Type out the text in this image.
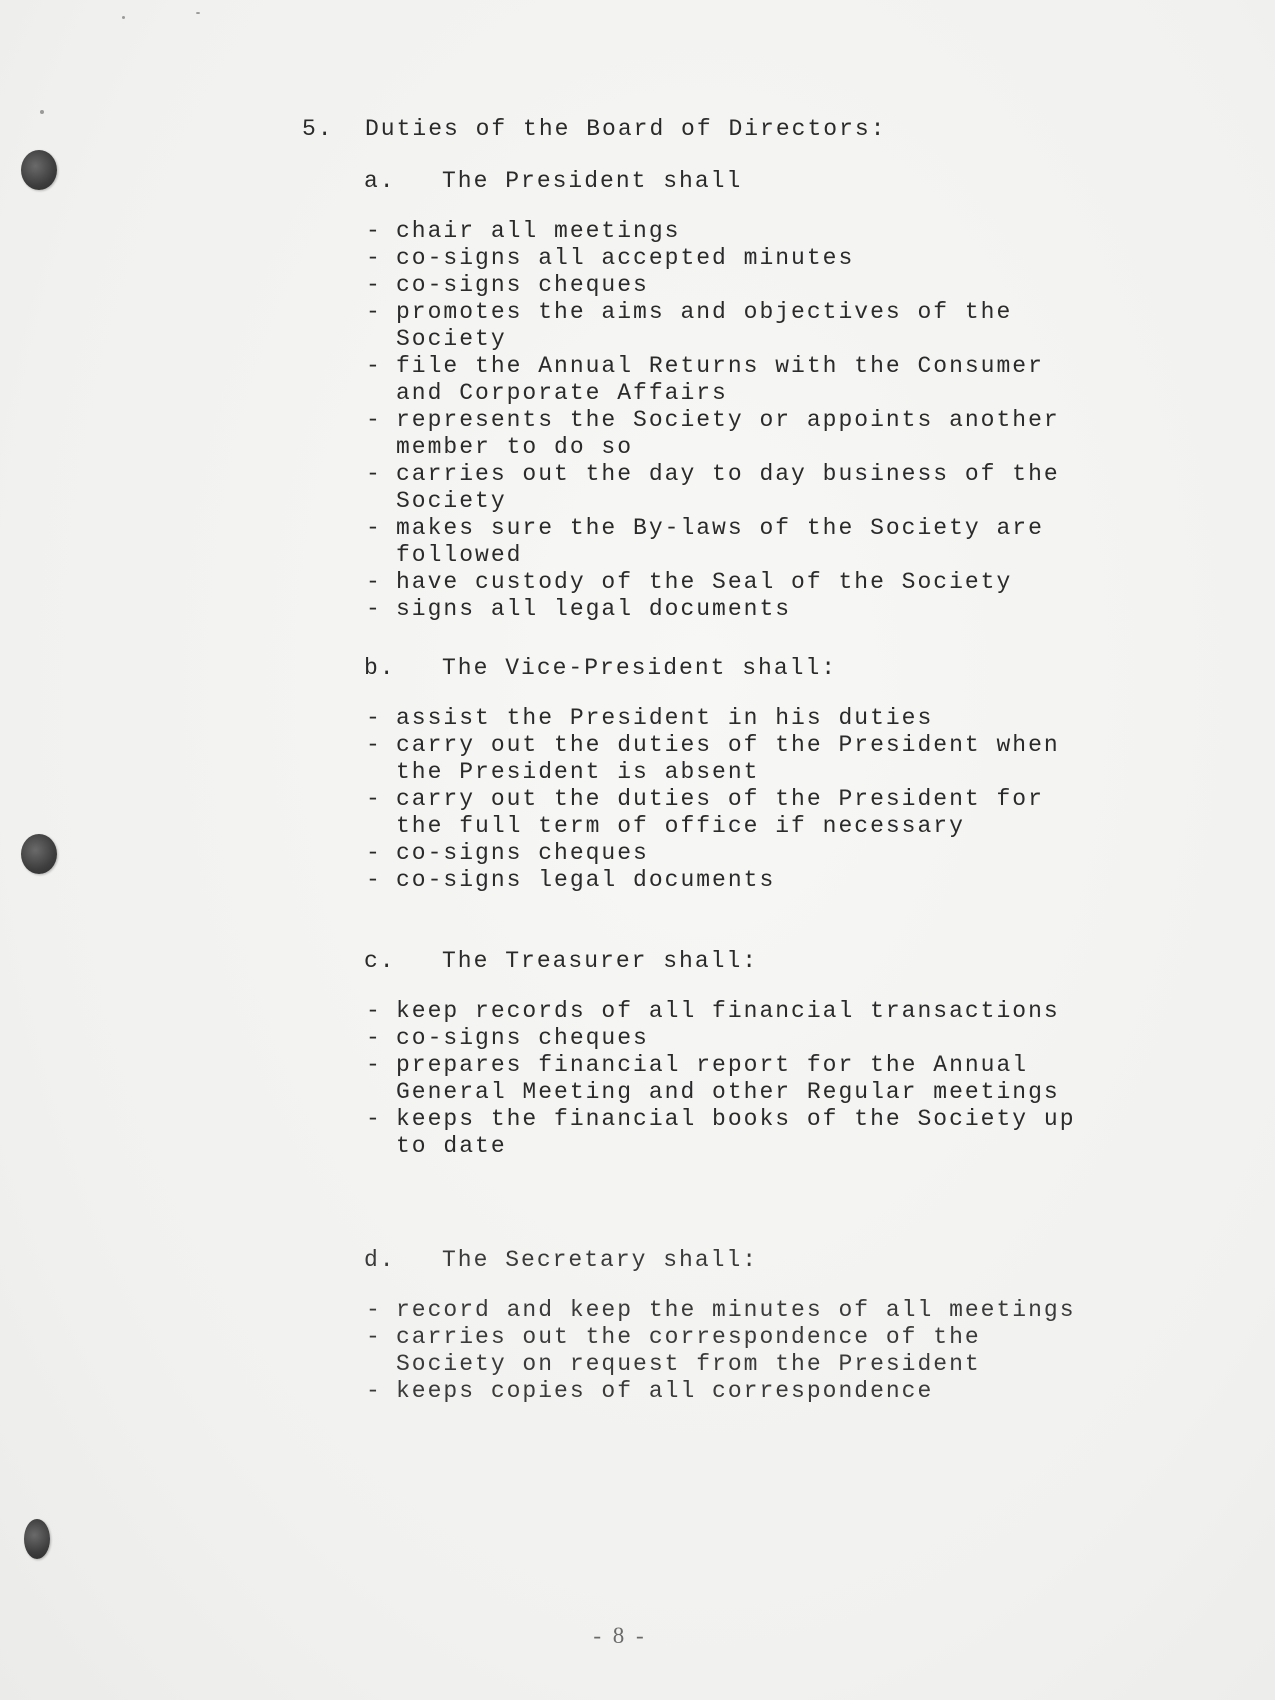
5. Duties of the Board of Directors:
a. The President shall
- chair all meetings
- co-signs all accepted minutes
- co-signs cheques
- promotes the aims and objectives of the Society
- file the Annual Returns with the Consumer and Corporate Affairs
- represents the Society or appoints another member to do so
- carries out the day to day business of the Society
- makes sure the By-laws of the Society are followed
- have custody of the Seal of the Society
- signs all legal documents
b. The Vice-President shall:
- assist the President in his duties
- carry out the duties of the President when the President is absent
- carry out the duties of the President for the full term of office if necessary
- co-signs cheques
- co-signs legal documents
c. The Treasurer shall:
- keep records of all financial transactions
- co-signs cheques
- prepares financial report for the Annual General Meeting and other Regular meetings
- keeps the financial books of the Society up to date
d. The Secretary shall:
- record and keep the minutes of all meetings
- carries out the correspondence of the Society on request from the President
- keeps copies of all correspondence
- 8 -
